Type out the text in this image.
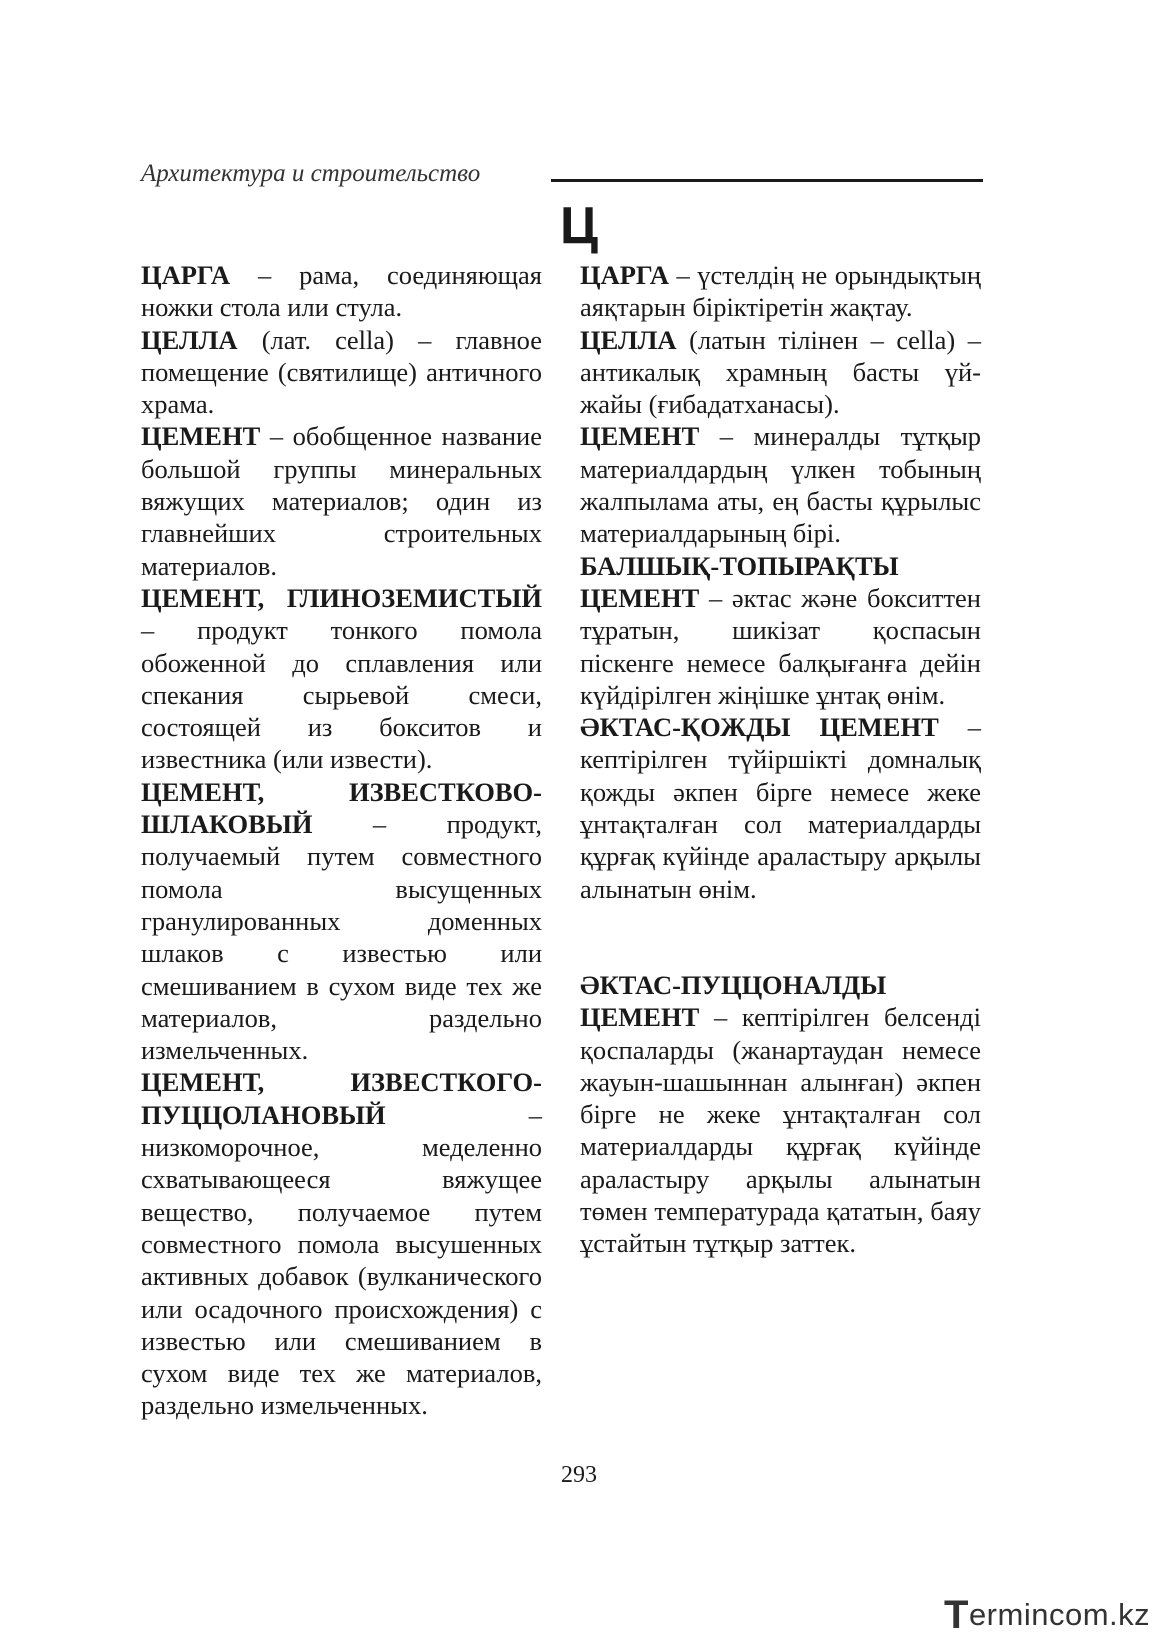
Архитектура и строительство
Ц

ЦАРГА – рама, соединяющая ножки стола или стула.

ЦЕЛЛА (лат. cella) – главное помещение (святилище) античного храма.

ЦЕМЕНТ – обобщенное название большой группы минеральных вяжущих материалов; один из главнейших строительных материалов.

ЦЕМЕНТ, ГЛИНОЗЕМИСТЫЙ – продукт тонкого помола обоженной до сплавления или спекания сырьевой смеси, состоящей из бокситов и известника (или извести).

ЦЕМЕНТ, ИЗВЕСТКОВО-ШЛАКОВЫЙ – продукт, получаемый путем совместного помола высущенных гранулированных доменных шлаков с известью или смешиванием в сухом виде тех же материалов, раздельно измельченных.

ЦЕМЕНТ, ИЗВЕСТКОГО-ПУЦЦОЛАНОВЫЙ – низкоморочное, меделенно схватывающееся вяжущее вещество, получаемое путем совместного помола высушенных активных добавок (вулканического или осадочного происхождения) с известью или смешиванием в сухом виде тех же материалов, раздельно измельченных.

ЦАРГА – үстелдің не орындықтың аяқтарын біріктіретін жақтау.

ЦЕЛЛА (латын тілінен – cella) – антикалық храмның басты үй-жайы (ғибадатханасы).

ЦЕМЕНТ – минералды тұтқыр материалдардың үлкен тобының жалпылама аты, ең басты құрылыс материалдарының бірі.

БАЛШЫҚ-ТОПЫРАҚТЫ ЦЕМЕНТ – әктас және бокситтен тұратын, шикізат қоспасын піскенге немесе балқығанға дейін күйдірілген жіңішке ұнтақ өнім.

ӘКТАС-ҚОЖДЫ ЦЕМЕНТ – кептірілген түйіршікті домналық қожды әкпен бірге немесе жеке ұнтақталған сол материалдарды құрғақ күйінде араластыру арқылы алынатын өнім.

ӘКТАС-ПУЦЦОНАЛДЫ ЦЕМЕНТ – кептірілген белсенді қоспаларды (жанартаудан немесе жауын-шашыннан алынған) әкпен бірге не жеке ұнтақталған сол материалдарды құрғақ күйінде араластыру арқылы алынатын төмен температурада қататын, баяу ұстайтын тұтқыр заттек.

293
Termincom.kz
